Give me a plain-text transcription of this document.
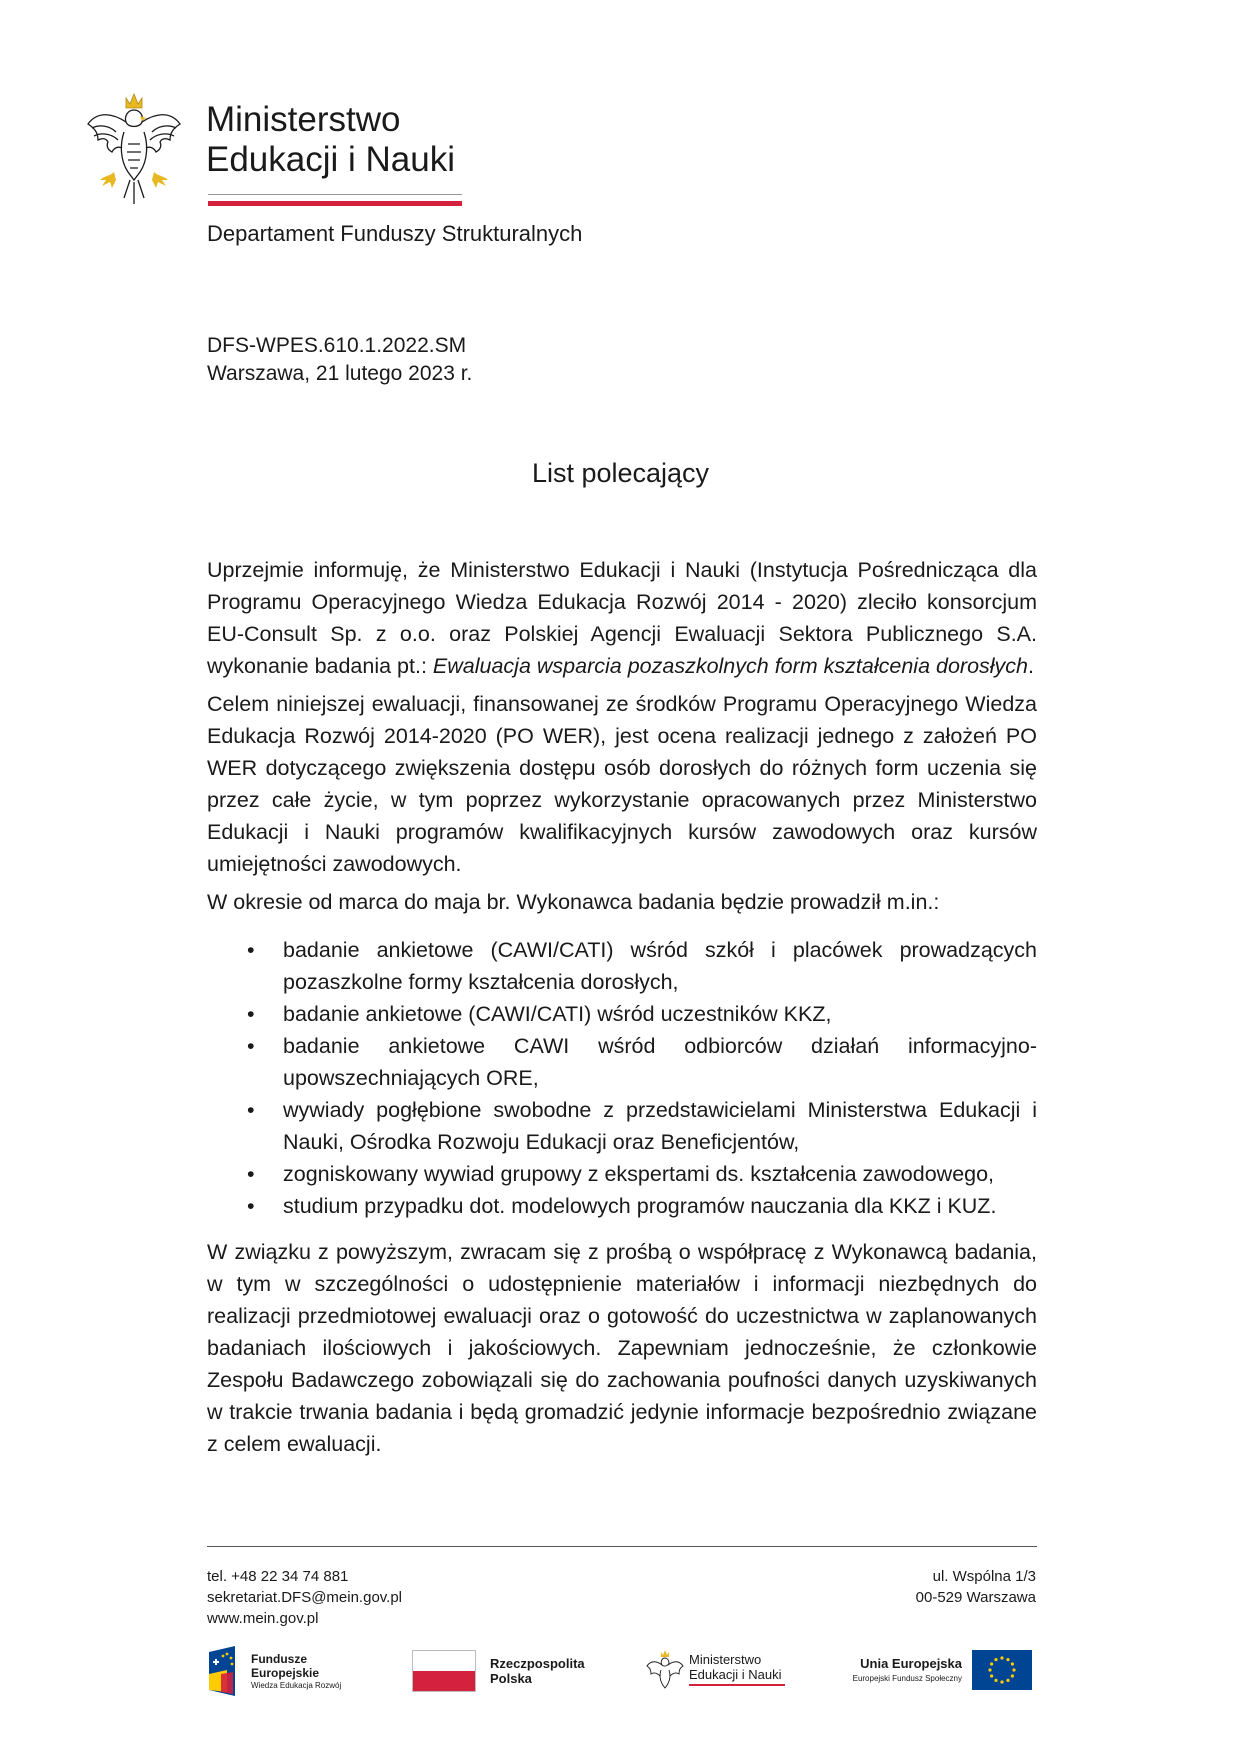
Ministerstwo
Edukacji i Nauki
Departament Funduszy Strukturalnych
DFS-WPES.610.1.2022.SM
Warszawa, 21 lutego 2023 r.
List polecający

Uprzejmie informuję, że Ministerstwo Edukacji i Nauki (Instytucja Pośrednicząca dla Programu Operacyjnego Wiedza Edukacja Rozwój 2014 - 2020) zleciło konsorcjum EU-Consult Sp. z o.o. oraz Polskiej Agencji Ewaluacji Sektora Publicznego S.A. wykonanie badania pt.: Ewaluacja wsparcia pozaszkolnych form kształcenia dorosłych.

Celem niniejszej ewaluacji, finansowanej ze środków Programu Operacyjnego Wiedza Edukacja Rozwój 2014-2020 (PO WER), jest ocena realizacji jednego z założeń PO WER dotyczącego zwiększenia dostępu osób dorosłych do różnych form uczenia się przez całe życie, w tym poprzez wykorzystanie opracowanych przez Ministerstwo Edukacji i Nauki programów kwalifikacyjnych kursów zawodowych oraz kursów umiejętności zawodowych.

W okresie od marca do maja br. Wykonawca badania będzie prowadził m.in.:

• badanie ankietowe (CAWI/CATI) wśród szkół i placówek prowadzących pozaszkolne formy kształcenia dorosłych,
• badanie ankietowe (CAWI/CATI) wśród uczestników KKZ,
• badanie ankietowe CAWI wśród odbiorców działań informacyjno-upowszechniających ORE,
• wywiady pogłębione swobodne z przedstawicielami Ministerstwa Edukacji i Nauki, Ośrodka Rozwoju Edukacji oraz Beneficjentów,
• zogniskowany wywiad grupowy z ekspertami ds. kształcenia zawodowego,
• studium przypadku dot. modelowych programów nauczania dla KKZ i KUZ.

W związku z powyższym, zwracam się z prośbą o współpracę z Wykonawcą badania, w tym w szczególności o udostępnienie materiałów i informacji niezbędnych do realizacji przedmiotowej ewaluacji oraz o gotowość do uczestnictwa w zaplanowanych badaniach ilościowych i jakościowych. Zapewniam jednocześnie, że członkowie Zespołu Badawczego zobowiązali się do zachowania poufności danych uzyskiwanych w trakcie trwania badania i będą gromadzić jedynie informacje bezpośrednio związane z celem ewaluacji.

tel. +48 22 34 74 881
sekretariat.DFS@mein.gov.pl
www.mein.gov.pl
ul. Wspólna 1/3
00-529 Warszawa
Fundusze
Europejskie
Wiedza Edukacja Rozwój
Rzeczpospolita
Polska
Ministerstwo
Edukacji i Nauki
Unia Europejska
Europejski Fundusz Społeczny
